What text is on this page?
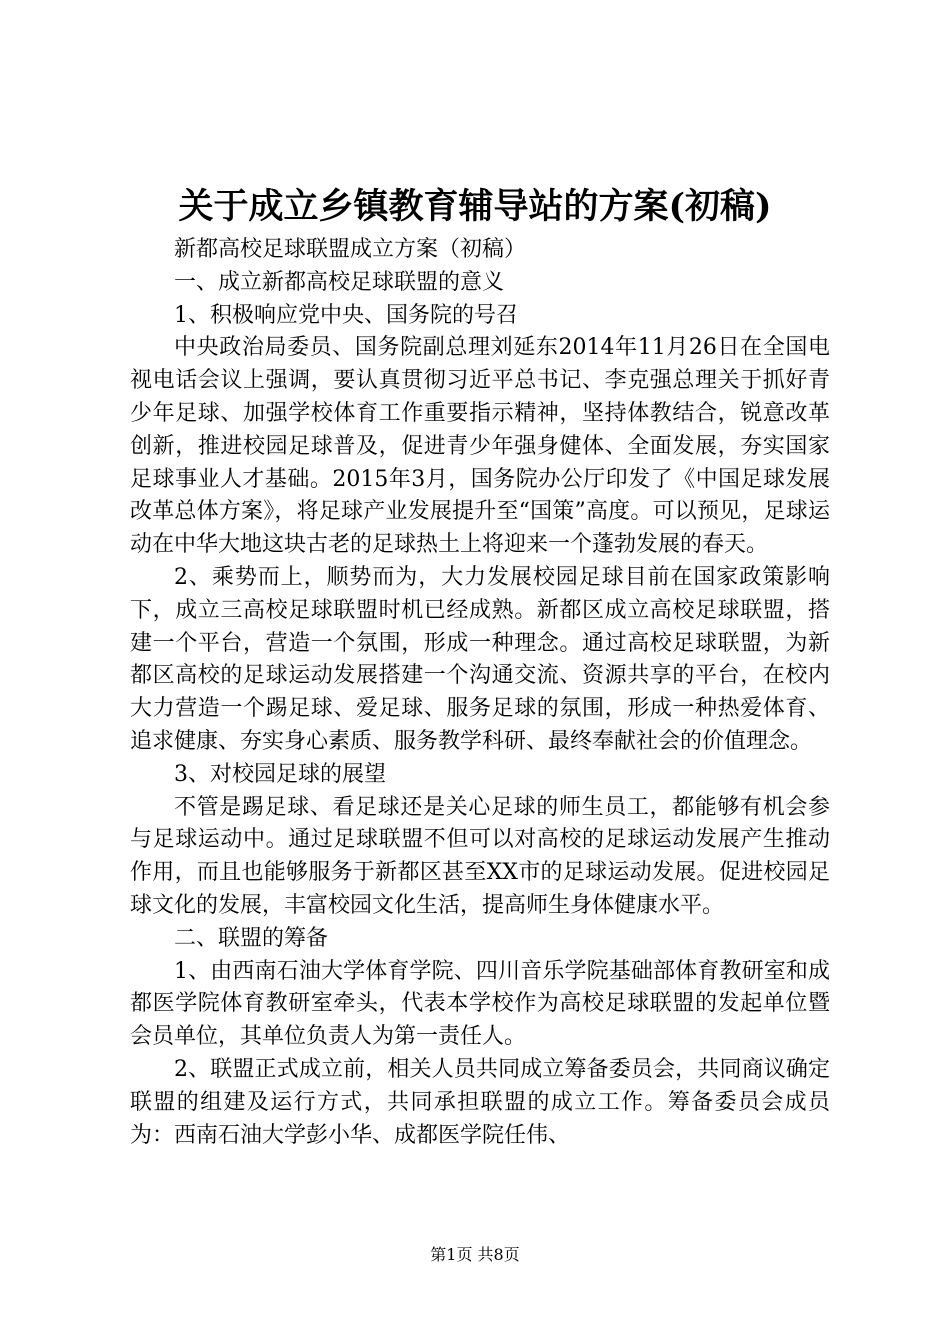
关于成立乡镇教育辅导站的方案(初稿)

新都高校足球联盟成立方案（初稿）

一、成立新都高校足球联盟的意义

1、积极响应党中央、国务院的号召

中央政治局委员、国务院副总理刘延东2014年11月26日在全国电视电话会议上强调，要认真贯彻习近平总书记、李克强总理关于抓好青少年足球、加强学校体育工作重要指示精神，坚持体教结合，锐意改革创新，推进校园足球普及，促进青少年强身健体、全面发展，夯实国家足球事业人才基础。2015年3月，国务院办公厅印发了《中国足球发展改革总体方案》，将足球产业发展提升至“国策”高度。可以预见，足球运动在中华大地这块古老的足球热土上将迎来一个蓬勃发展的春天。

2、乘势而上，顺势而为，大力发展校园足球目前在国家政策影响下，成立三高校足球联盟时机已经成熟。新都区成立高校足球联盟，搭建一个平台，营造一个氛围，形成一种理念。通过高校足球联盟，为新都区高校的足球运动发展搭建一个沟通交流、资源共享的平台，在校内大力营造一个踢足球、爱足球、服务足球的氛围，形成一种热爱体育、追求健康、夯实身心素质、服务教学科研、最终奉献社会的价值理念。

3、对校园足球的展望

不管是踢足球、看足球还是关心足球的师生员工，都能够有机会参与足球运动中。通过足球联盟不但可以对高校的足球运动发展产生推动作用，而且也能够服务于新都区甚至XX市的足球运动发展。促进校园足球文化的发展，丰富校园文化生活，提高师生身体健康水平。

二、联盟的筹备

1、由西南石油大学体育学院、四川音乐学院基础部体育教研室和成都医学院体育教研室牵头，代表本学校作为高校足球联盟的发起单位暨会员单位，其单位负责人为第一责任人。

2、联盟正式成立前，相关人员共同成立筹备委员会，共同商议确定联盟的组建及运行方式，共同承担联盟的成立工作。筹备委员会成员为：西南石油大学彭小华、成都医学院任伟、

第1页 共8页
